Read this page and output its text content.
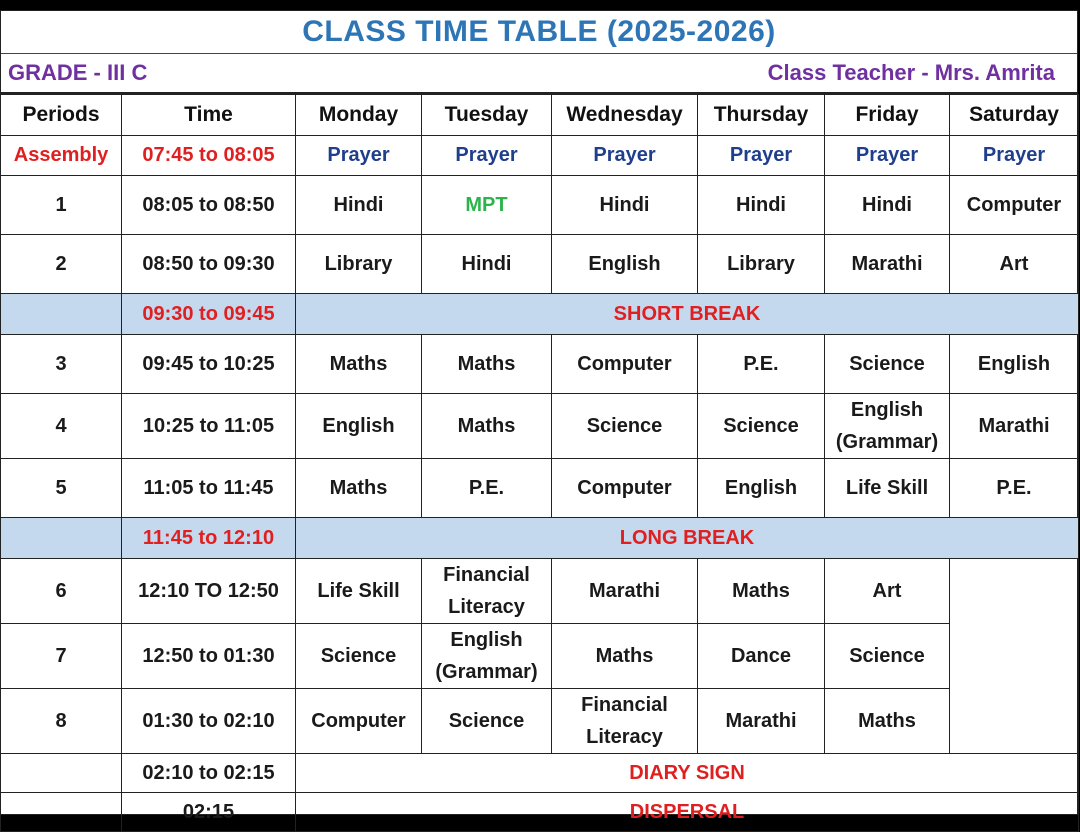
CLASS TIME TABLE (2025-2026)
GRADE - III C	Class Teacher - Mrs. Amrita
Periods	Time	Monday	Tuesday	Wednesday	Thursday	Friday	Saturday
Assembly	07:45 to 08:05	Prayer	Prayer	Prayer	Prayer	Prayer	Prayer
1	08:05 to 08:50	Hindi	MPT	Hindi	Hindi	Hindi	Computer
2	08:50 to 09:30	Library	Hindi	English	Library	Marathi	Art
	09:30 to 09:45	SHORT BREAK					
3	09:45 to 10:25	Maths	Maths	Computer	P.E.	Science	English
4	10:25 to 11:05	English	Maths	Science	Science	English (Grammar)	Marathi
5	11:05 to 11:45	Maths	P.E.	Computer	English	Life Skill	P.E.
	11:45 to 12:10	LONG BREAK					
6	12:10 TO 12:50	Life Skill	Financial Literacy	Marathi	Maths	Art	
7	12:50 to 01:30	Science	English (Grammar)	Maths	Dance	Science	
8	01:30 to 02:10	Computer	Science	Financial Literacy	Marathi	Maths	
	02:10 to 02:15	DIARY SIGN					
	02:15	DISPERSAL					
